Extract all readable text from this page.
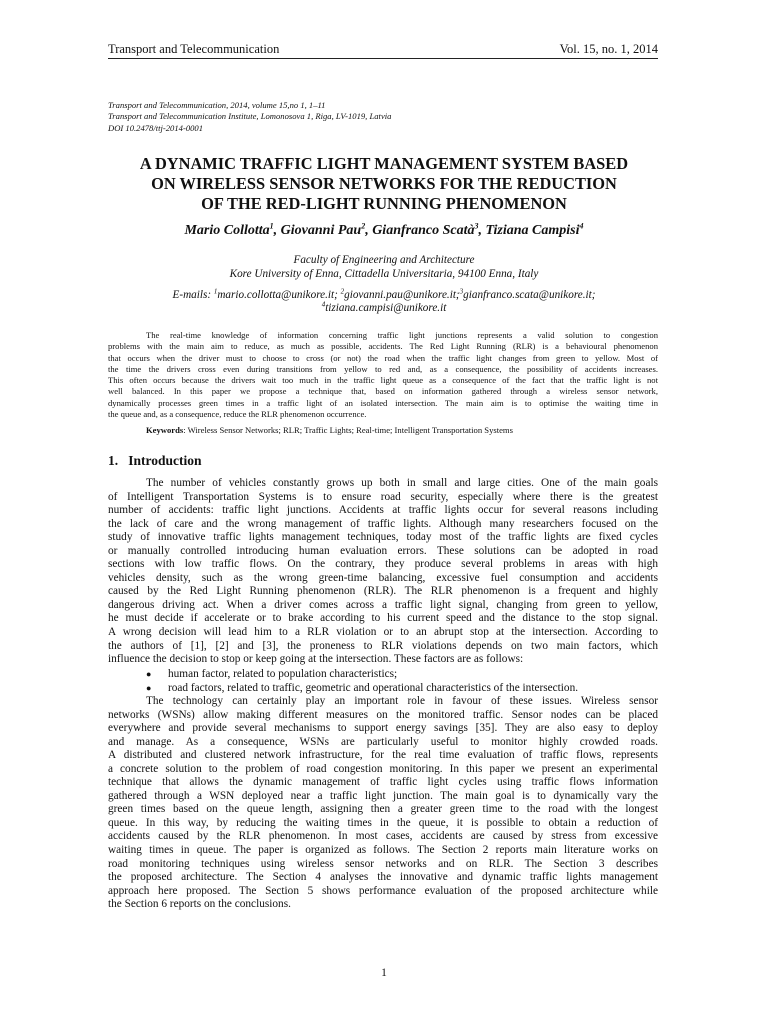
Transport and Telecommunication	Vol. 15, no. 1, 2014
Transport and Telecommunication, 2014, volume 15,no 1, 1–11
Transport and Telecommunication Institute, Lomonosova 1, Riga, LV-1019, Latvia
DOI 10.2478/ttj-2014-0001
A DYNAMIC TRAFFIC LIGHT MANAGEMENT SYSTEM BASED
ON WIRELESS SENSOR NETWORKS FOR THE REDUCTION
OF THE RED-LIGHT RUNNING PHENOMENON
Mario Collotta$^1$, Giovanni Pau$^2$, Gianfranco Scatà$^3$, Tiziana Campisi$^4$
Faculty of Engineering and Architecture
Kore University of Enna, Cittadella Universitaria, 94100 Enna, Italy
E-mails: $^1$mario.collotta@unikore.it; $^2$giovanni.pau@unikore.it;$^3$gianfranco.scata@unikore.it;
$^4$tiziana.campisi@unikore.it
The real-time knowledge of information concerning traffic light junctions represents a valid solution to congestion
problems with the main aim to reduce, as much as possible, accidents. The Red Light Running (RLR) is a behavioural phenomenon
that occurs when the driver must to choose to cross (or not) the road when the traffic light changes from green to yellow. Most of
the time the drivers cross even during transitions from yellow to red and, as a consequence, the possibility of accidents increases.
This often occurs because the drivers wait too much in the traffic light queue as a consequence of the fact that the traffic light is not
well balanced. In this paper we propose a technique that, based on information gathered through a wireless sensor network,
dynamically processes green times in a traffic light of an isolated intersection. The main aim is to optimise the waiting time in
the queue and, as a consequence, reduce the RLR phenomenon occurrence.
Keywords: Wireless Sensor Networks; RLR; Traffic Lights; Real-time; Intelligent Transportation Systems
1. Introduction
The number of vehicles constantly grows up both in small and large cities. One of the main goals
of Intelligent Transportation Systems is to ensure road security, especially where there is the greatest
number of accidents: traffic light junctions. Accidents at traffic lights occur for several reasons including
the lack of care and the wrong management of traffic lights. Although many researchers focused on the
study of innovative traffic lights management techniques, today most of the traffic lights are fixed cycles
or manually controlled introducing human evaluation errors. These solutions can be adopted in road
sections with low traffic flows. On the contrary, they produce several problems in areas with high
vehicles density, such as the wrong green-time balancing, excessive fuel consumption and accidents
caused by the Red Light Running phenomenon (RLR). The RLR phenomenon is a frequent and highly
dangerous driving act. When a driver comes across a traffic light signal, changing from green to yellow,
he must decide if accelerate or to brake according to his current speed and the distance to the stop signal.
A wrong decision will lead him to a RLR violation or to an abrupt stop at the intersection. According to
the authors of [1], [2] and [3], the proneness to RLR violations depends on two main factors, which
influence the decision to stop or keep going at the intersection. These factors are as follows:
●	human factor, related to population characteristics;
●	road factors, related to traffic, geometric and operational characteristics of the intersection.
The technology can certainly play an important role in favour of these issues. Wireless sensor
networks (WSNs) allow making different measures on the monitored traffic. Sensor nodes can be placed
everywhere and provide several mechanisms to support energy savings [35]. They are also easy to deploy
and manage. As a consequence, WSNs are particularly useful to monitor highly crowded roads.
A distributed and clustered network infrastructure, for the real time evaluation of traffic flows, represents
a concrete solution to the problem of road congestion monitoring. In this paper we present an experimental
technique that allows the dynamic management of traffic light cycles using traffic flows information
gathered through a WSN deployed near a traffic light junction. The main goal is to dynamically vary the
green times based on the queue length, assigning then a greater green time to the road with the longest
queue. In this way, by reducing the waiting times in the queue, it is possible to obtain a reduction of
accidents caused by the RLR phenomenon. In most cases, accidents are caused by stress from excessive
waiting times in queue. The paper is organized as follows. The Section 2 reports main literature works on
road monitoring techniques using wireless sensor networks and on RLR. The Section 3 describes
the proposed architecture. The Section 4 analyses the innovative and dynamic traffic lights management
approach here proposed. The Section 5 shows performance evaluation of the proposed architecture while
the Section 6 reports on the conclusions.
1
